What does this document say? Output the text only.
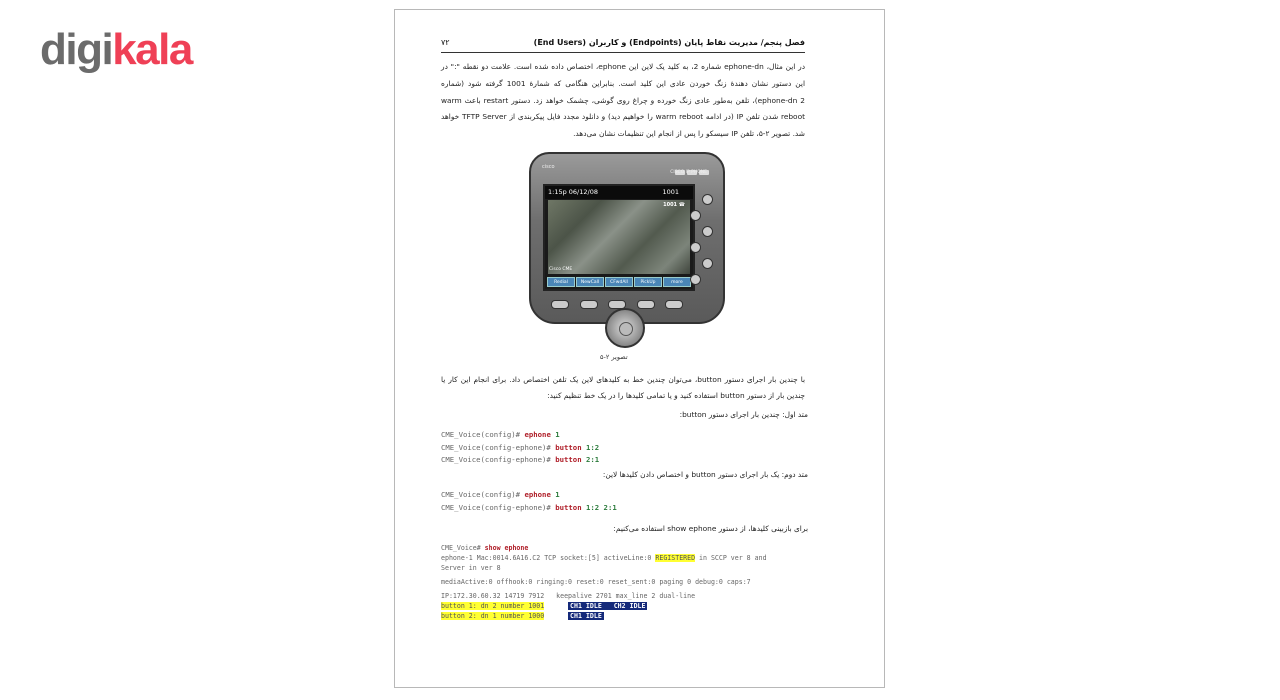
digikala	فصل پنجم/ مدیریت نقاط پایان (Endpoints) و کاربران (End Users)
۷۲
در این مثال، ephone-dn شماره 2، به کلید یک لاین این ephone، اختصاص داده شده است. علامت دو نقطه ":" در این دستور نشان دهندهٔ زنگ خوردن عادی این کلید است. بنابراین هنگامی که شمارهٔ 1001 گرفته شود (شماره ephone-dn 2)، تلفن به‌طور عادی زنگ خورده و چراغ روی گوشی، چشمک خواهد زد. دستور restart باعث warm reboot شدن تلفن IP (در ادامه warm reboot را خواهیم دید) و دانلود مجدد فایل پیکربندی از TFTP Server خواهد شد. تصویر ۲-۵، تلفن IP سیسکو را پس از انجام این تنظیمات نشان می‌دهد.
cisco
CISCO IP PHONE
1:15p 06/12/08	1001
1001 ☎
Cisco CME
Redial	NewCall	CFwdAll	PickUp	more
تصویر ۲-۵
با چندین بار اجرای دستور button، می‌توان چندین خط به کلیدهای لاین یک تلفن اختصاص داد. برای انجام این کار یا چندین بار از دستور button استفاده کنید و یا تمامی کلیدها را در یک خط تنظیم کنید:
متد اول: چندین بار اجرای دستور button:
CME_Voice(config)# ephone 1
CME_Voice(config-ephone)# button 1:2
CME_Voice(config-ephone)# button 2:1
متد دوم: یک بار اجرای دستور button و اختصاص دادن کلیدها لاین:
CME_Voice(config)# ephone 1
CME_Voice(config-ephone)# button 1:2 2:1
برای بازبینی کلیدها، از دستور show ephone استفاده می‌کنیم:
CME_Voice# show ephone
ephone-1 Mac:0014.6A16.C2 TCP socket:[5] activeLine:0 REGISTERED in SCCP ver 8 and
Server in ver 8
mediaActive:0 offhook:0 ringing:0 reset:0 reset_sent:0 paging 0 debug:0 caps:7
IP:172.30.60.32 14719 7912   keepalive 2701 max_line 2 dual-line
button 1: dn 2 number 1001	CH1 IDLE   CH2 IDLE
button 2: dn 1 number 1000	CH1 IDLE
